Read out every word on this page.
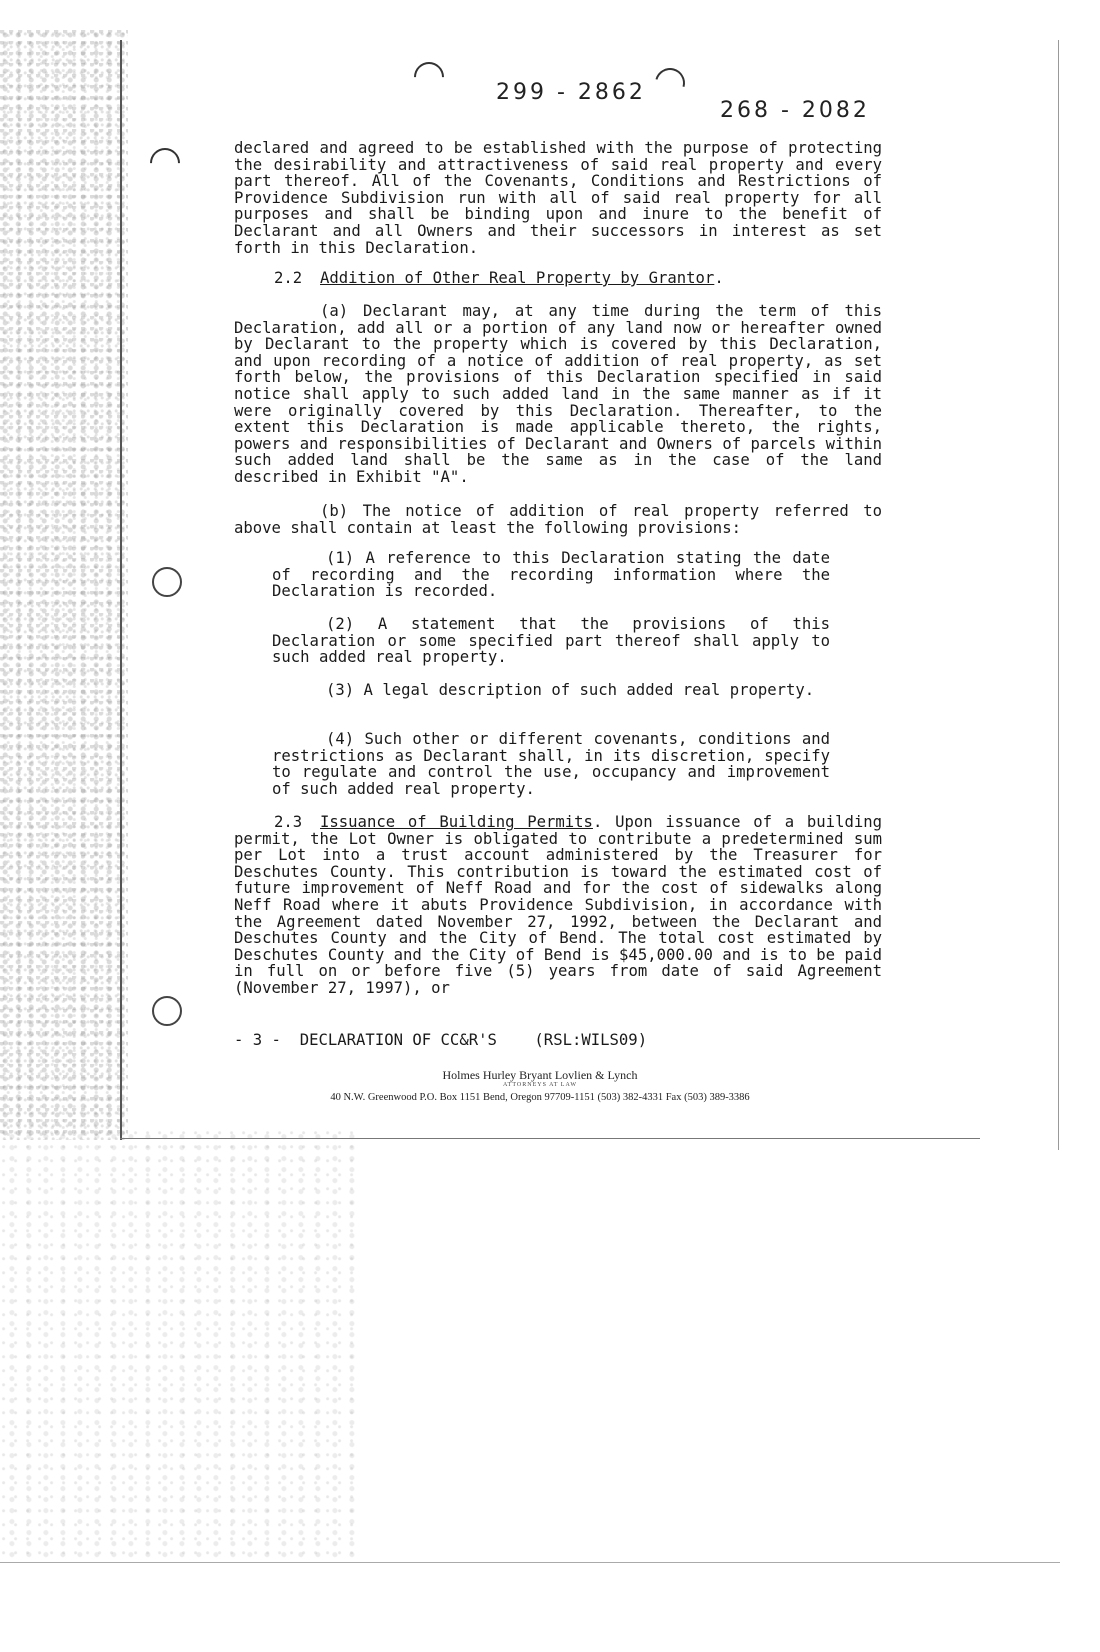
299 - 2862
268 - 2082

declared and agreed to be established with the purpose of protecting the desirability and attractiveness of said real property and every part thereof. All of the Covenants, Conditions and Restrictions of Providence Subdivision run with all of said real property for all purposes and shall be binding upon and inure to the benefit of Declarant and all Owners and their successors in interest as set forth in this Declaration.

2.2 Addition of Other Real Property by Grantor.

(a) Declarant may, at any time during the term of this Declaration, add all or a portion of any land now or hereafter owned by Declarant to the property which is covered by this Declaration, and upon recording of a notice of addition of real property, as set forth below, the provisions of this Declaration specified in said notice shall apply to such added land in the same manner as if it were originally covered by this Declaration. Thereafter, to the extent this Declaration is made applicable thereto, the rights, powers and responsibilities of Declarant and Owners of parcels within such added land shall be the same as in the case of the land described in Exhibit "A".

(b) The notice of addition of real property referred to above shall contain at least the following provisions:

(1) A reference to this Declaration stating the date of recording and the recording information where the Declaration is recorded.

(2) A statement that the provisions of this Declaration or some specified part thereof shall apply to such added real property.

(3) A legal description of such added real property.

(4) Such other or different covenants, conditions and restrictions as Declarant shall, in its discretion, specify to regulate and control the use, occupancy and improvement of such added real property.

2.3 Issuance of Building Permits. Upon issuance of a building permit, the Lot Owner is obligated to contribute a predetermined sum per Lot into a trust account administered by the Treasurer for Deschutes County. This contribution is toward the estimated cost of future improvement of Neff Road and for the cost of sidewalks along Neff Road where it abuts Providence Subdivision, in accordance with the Agreement dated November 27, 1992, between the Declarant and Deschutes County and the City of Bend. The total cost estimated by Deschutes County and the City of Bend is $45,000.00 and is to be paid in full on or before five (5) years from date of said Agreement (November 27, 1997), or

- 3 -  DECLARATION OF CC&R'S    (RSL:WILS09)
Holmes Hurley Bryant Lovlien & Lynch
ATTORNEYS AT LAW
40 N.W. Greenwood P.O. Box 1151 Bend, Oregon 97709-1151 (503) 382-4331 Fax (503) 389-3386
